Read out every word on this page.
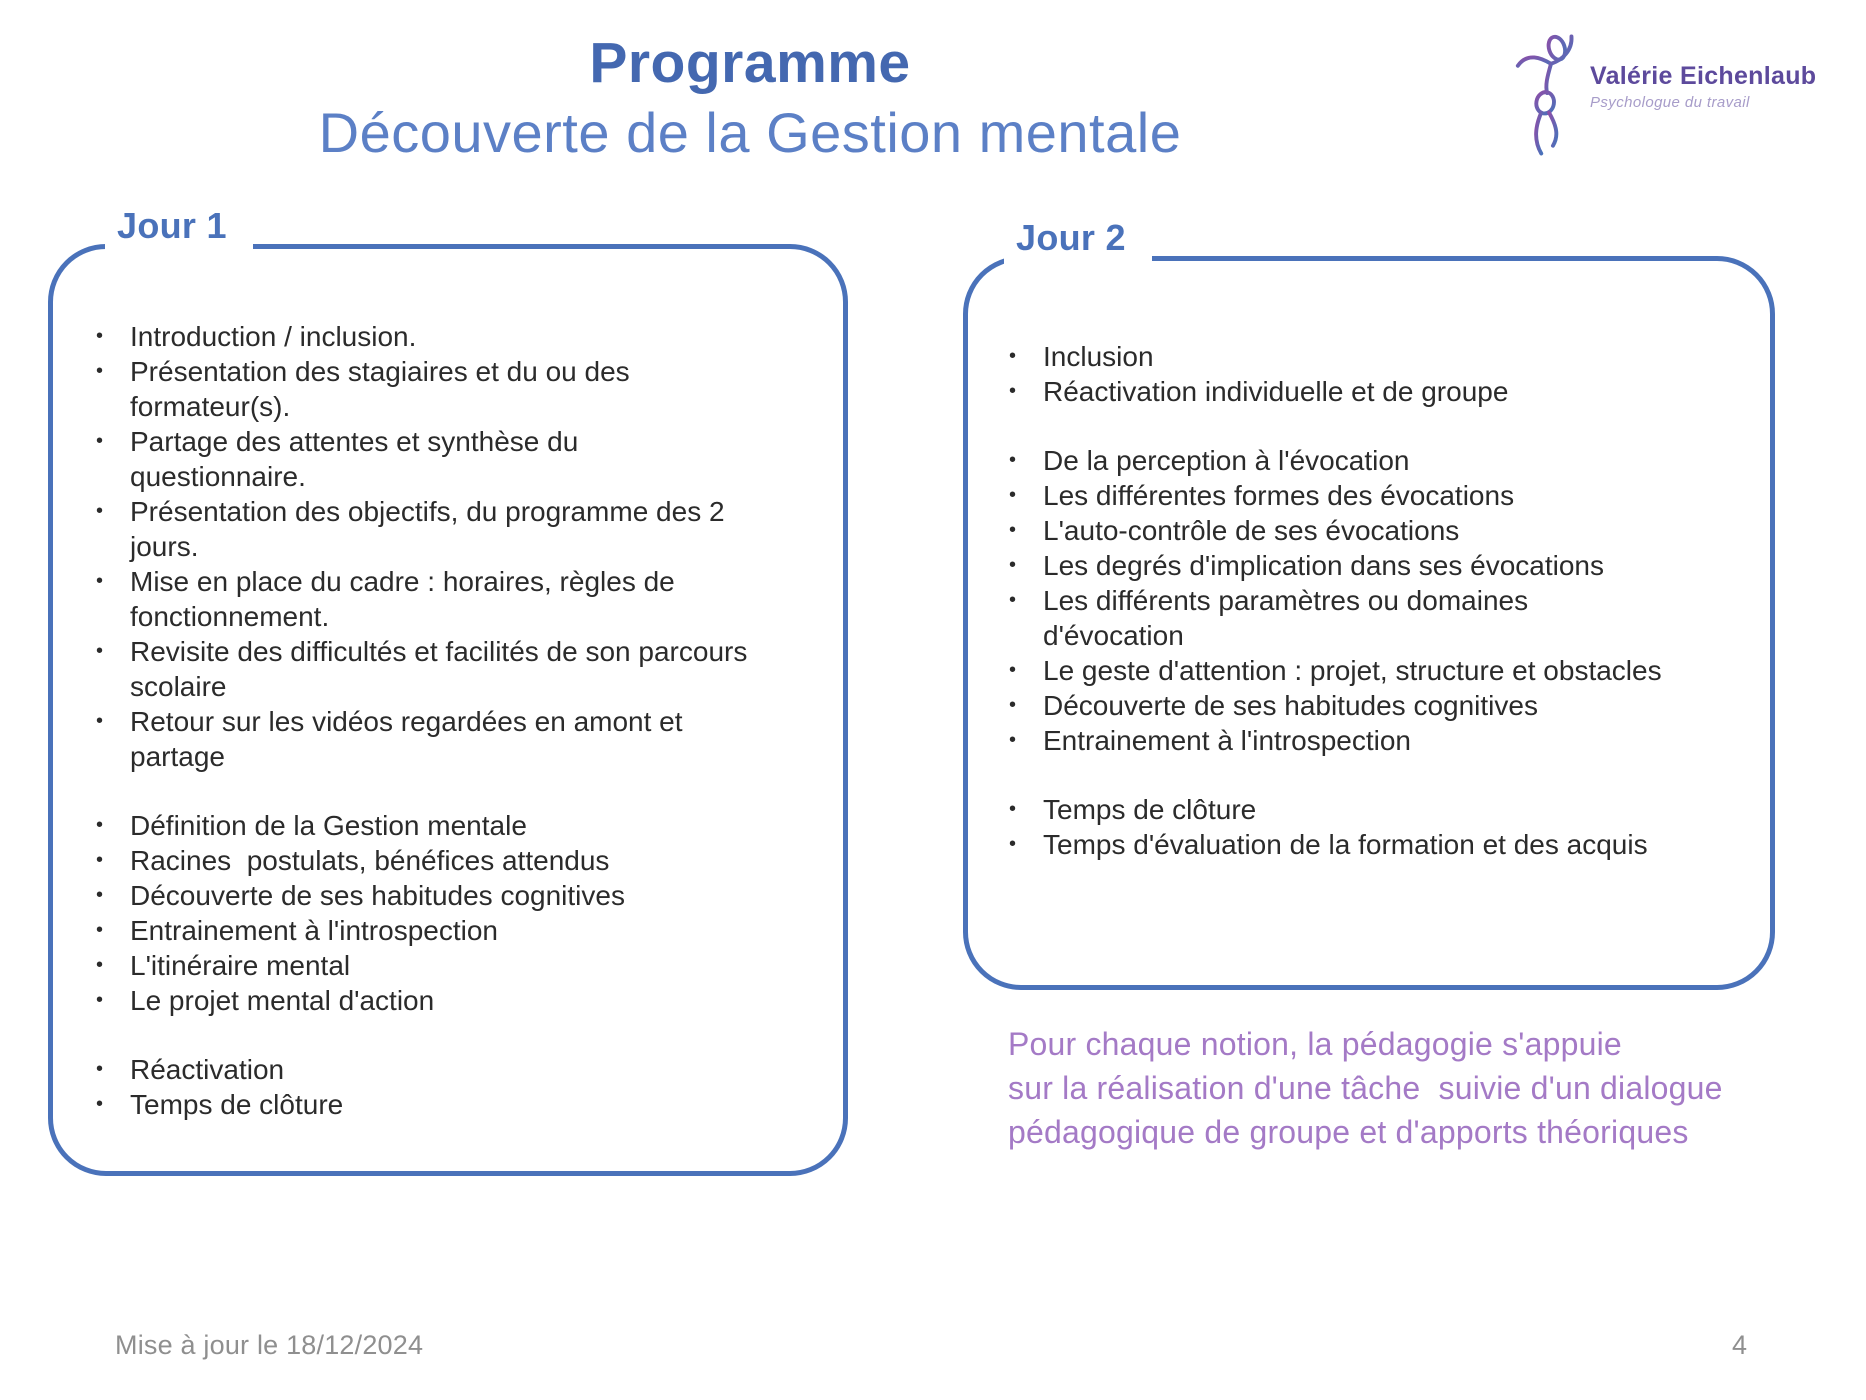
Programme
Découverte de la Gestion mentale
Valérie Eichenlaub
Psychologue du travail
Jour 1
• Introduction / inclusion.
• Présentation des stagiaires et du ou des formateur(s).
• Partage des attentes et synthèse du questionnaire.
• Présentation des objectifs, du programme des 2 jours.
• Mise en place du cadre : horaires, règles de fonctionnement.
• Revisite des difficultés et facilités de son parcours scolaire
• Retour sur les vidéos regardées en amont et partage
• Définition de la Gestion mentale
• Racines  postulats, bénéfices attendus
• Découverte de ses habitudes cognitives
• Entrainement à l'introspection
• L'itinéraire mental
• Le projet mental d'action
• Réactivation
• Temps de clôture
Jour 2
• Inclusion
• Réactivation individuelle et de groupe
• De la perception à l'évocation
• Les différentes formes des évocations
• L'auto-contrôle de ses évocations
• Les degrés d'implication dans ses évocations
• Les différents paramètres ou domaines d'évocation
• Le geste d'attention : projet, structure et obstacles
• Découverte de ses habitudes cognitives
• Entrainement à l'introspection
• Temps de clôture
• Temps d'évaluation de la formation et des acquis
Pour chaque notion, la pédagogie s'appuie
sur la réalisation d'une tâche  suivie d'un dialogue
pédagogique de groupe et d'apports théoriques
Mise à jour le 18/12/2024	4
